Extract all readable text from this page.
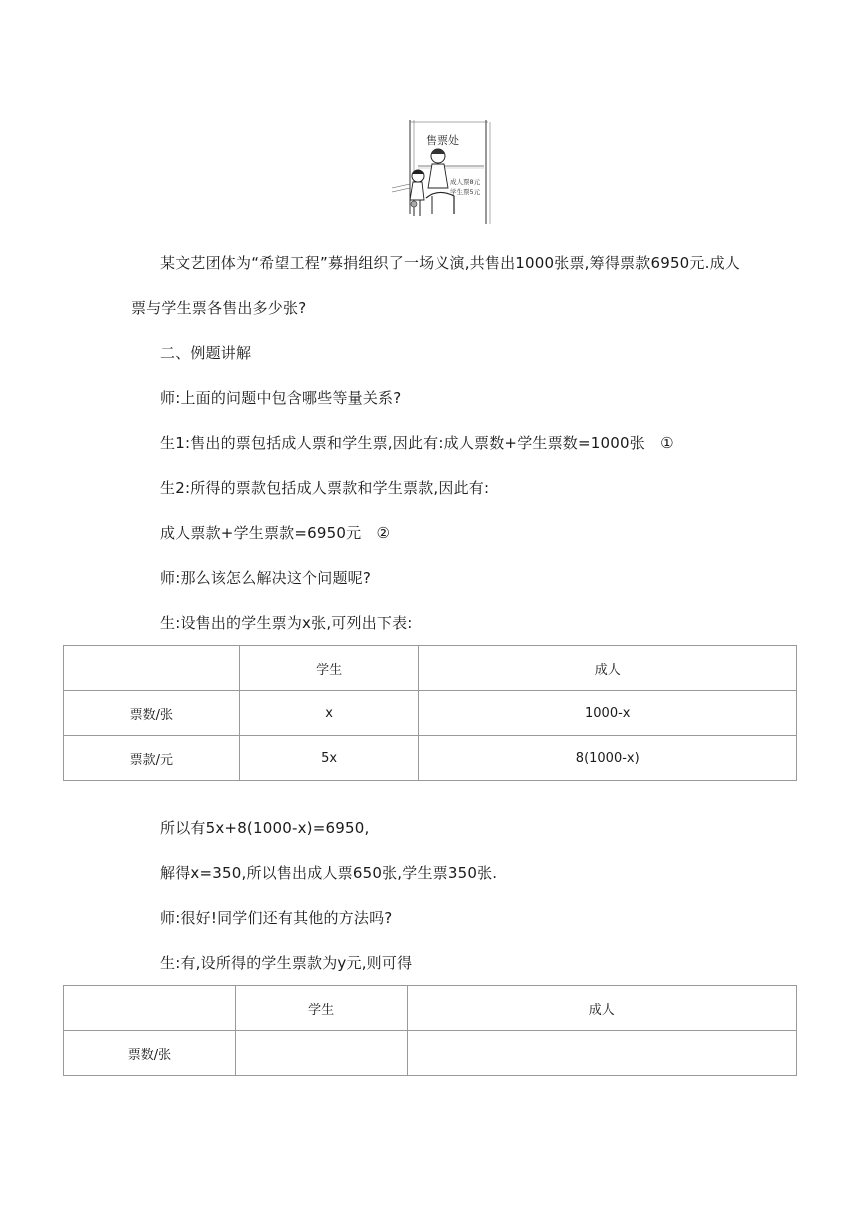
售票处
成人票8元
学生票5元
某文艺团体为“希望工程”募捐组织了一场义演,共售出1000张票,筹得票款6950元.成人
票与学生票各售出多少张?
二、例题讲解
师:上面的问题中包含哪些等量关系?
生1:售出的票包括成人票和学生票,因此有:成人票数+学生票数=1000张　①
生2:所得的票款包括成人票款和学生票款,因此有:
成人票款+学生票款=6950元　②
师:那么该怎么解决这个问题呢?
生:设售出的学生票为x张,可列出下表:
	学生	成人
票数/张	x	1000-x
票款/元	5x	8(1000-x)
所以有5x+8(1000-x)=6950,
解得x=350,所以售出成人票650张,学生票350张.
师:很好!同学们还有其他的方法吗?
生:有,设所得的学生票款为y元,则可得
	学生	成人
票数/张		
